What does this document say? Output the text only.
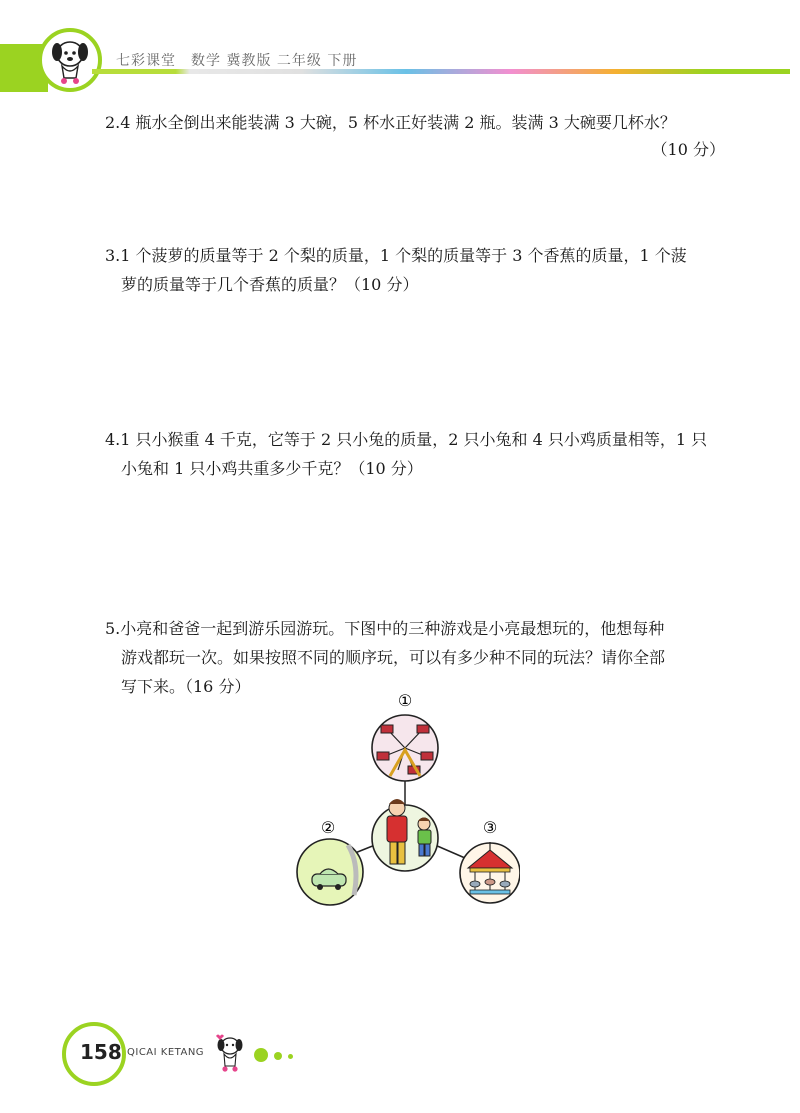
七彩课堂　数学 冀教版 二年级 下册
2.4 瓶水全倒出来能装满 3 大碗，5 杯水正好装满 2 瓶。装满 3 大碗要几杯水？
（10 分）
3.1 个菠萝的质量等于 2 个梨的质量，1 个梨的质量等于 3 个香蕉的质量，1 个菠
萝的质量等于几个香蕉的质量？（10 分）
4.1 只小猴重 4 千克，它等于 2 只小兔的质量，2 只小兔和 4 只小鸡质量相等，1 只
小兔和 1 只小鸡共重多少千克？（10 分）
5.小亮和爸爸一起到游乐园游玩。下图中的三种游戏是小亮最想玩的，他想每种
游戏都玩一次。如果按照不同的顺序玩，可以有多少种不同的玩法？请你全部
写下来。（16 分）
①
②	③
158 QICAI KETANG
